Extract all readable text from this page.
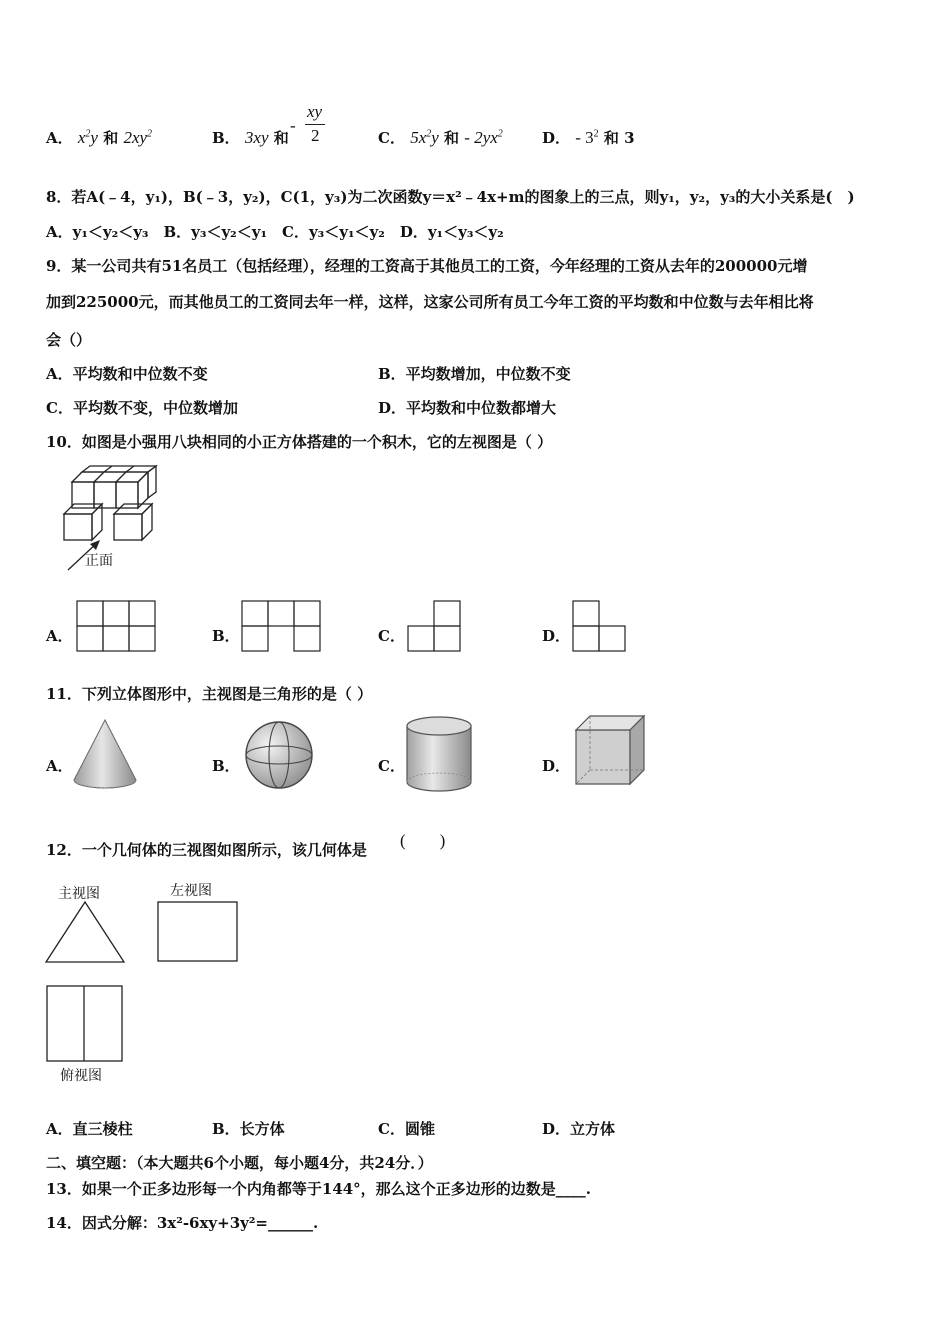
A． $x^2y$ 和 $2xy^2$	B． 3xy 和
-
xy
2	C． $5x^2y$ 和 - $2yx^2$	D． - $3^2$ 和 3
8．若A(﹣4，y₁)，B(﹣3，y₂)，C(1，y₃)为二次函数y＝x²﹣4x+m的图象上的三点，则y₁，y₂，y₃的大小关系是(　)
A．y₁＜y₂＜y₃　B．y₃＜y₂＜y₁　C．y₃＜y₁＜y₂　D．y₁＜y₃＜y₂
9．某一公司共有51名员工（包括经理），经理的工资高于其他员工的工资，今年经理的工资从去年的200000元增
加到225000元，而其他员工的工资同去年一样，这样，这家公司所有员工今年工资的平均数和中位数与去年相比将
会（）
A．平均数和中位数不变	B．平均数增加，中位数不变
C．平均数不变，中位数增加	D．平均数和中位数都增大
10．如图是小强用八块相同的小正方体搭建的一个积木，它的左视图是（ ）
正面
A．	B．	C．	D．
11．下列立体图形中，主视图是三角形的是（ ）
A．	B．	C．	D．
12．一个几何体的三视图如图所示，该几何体是 (　　)
主视图	左视图
俯视图
A．直三棱柱	B．长方体	C．圆锥	D．立方体
二、填空题：（本大题共6个小题，每小题4分，共24分．）
13．如果一个正多边形每一个内角都等于144°，那么这个正多边形的边数是____.
14．因式分解：3x²-6xy+3y²=______.
